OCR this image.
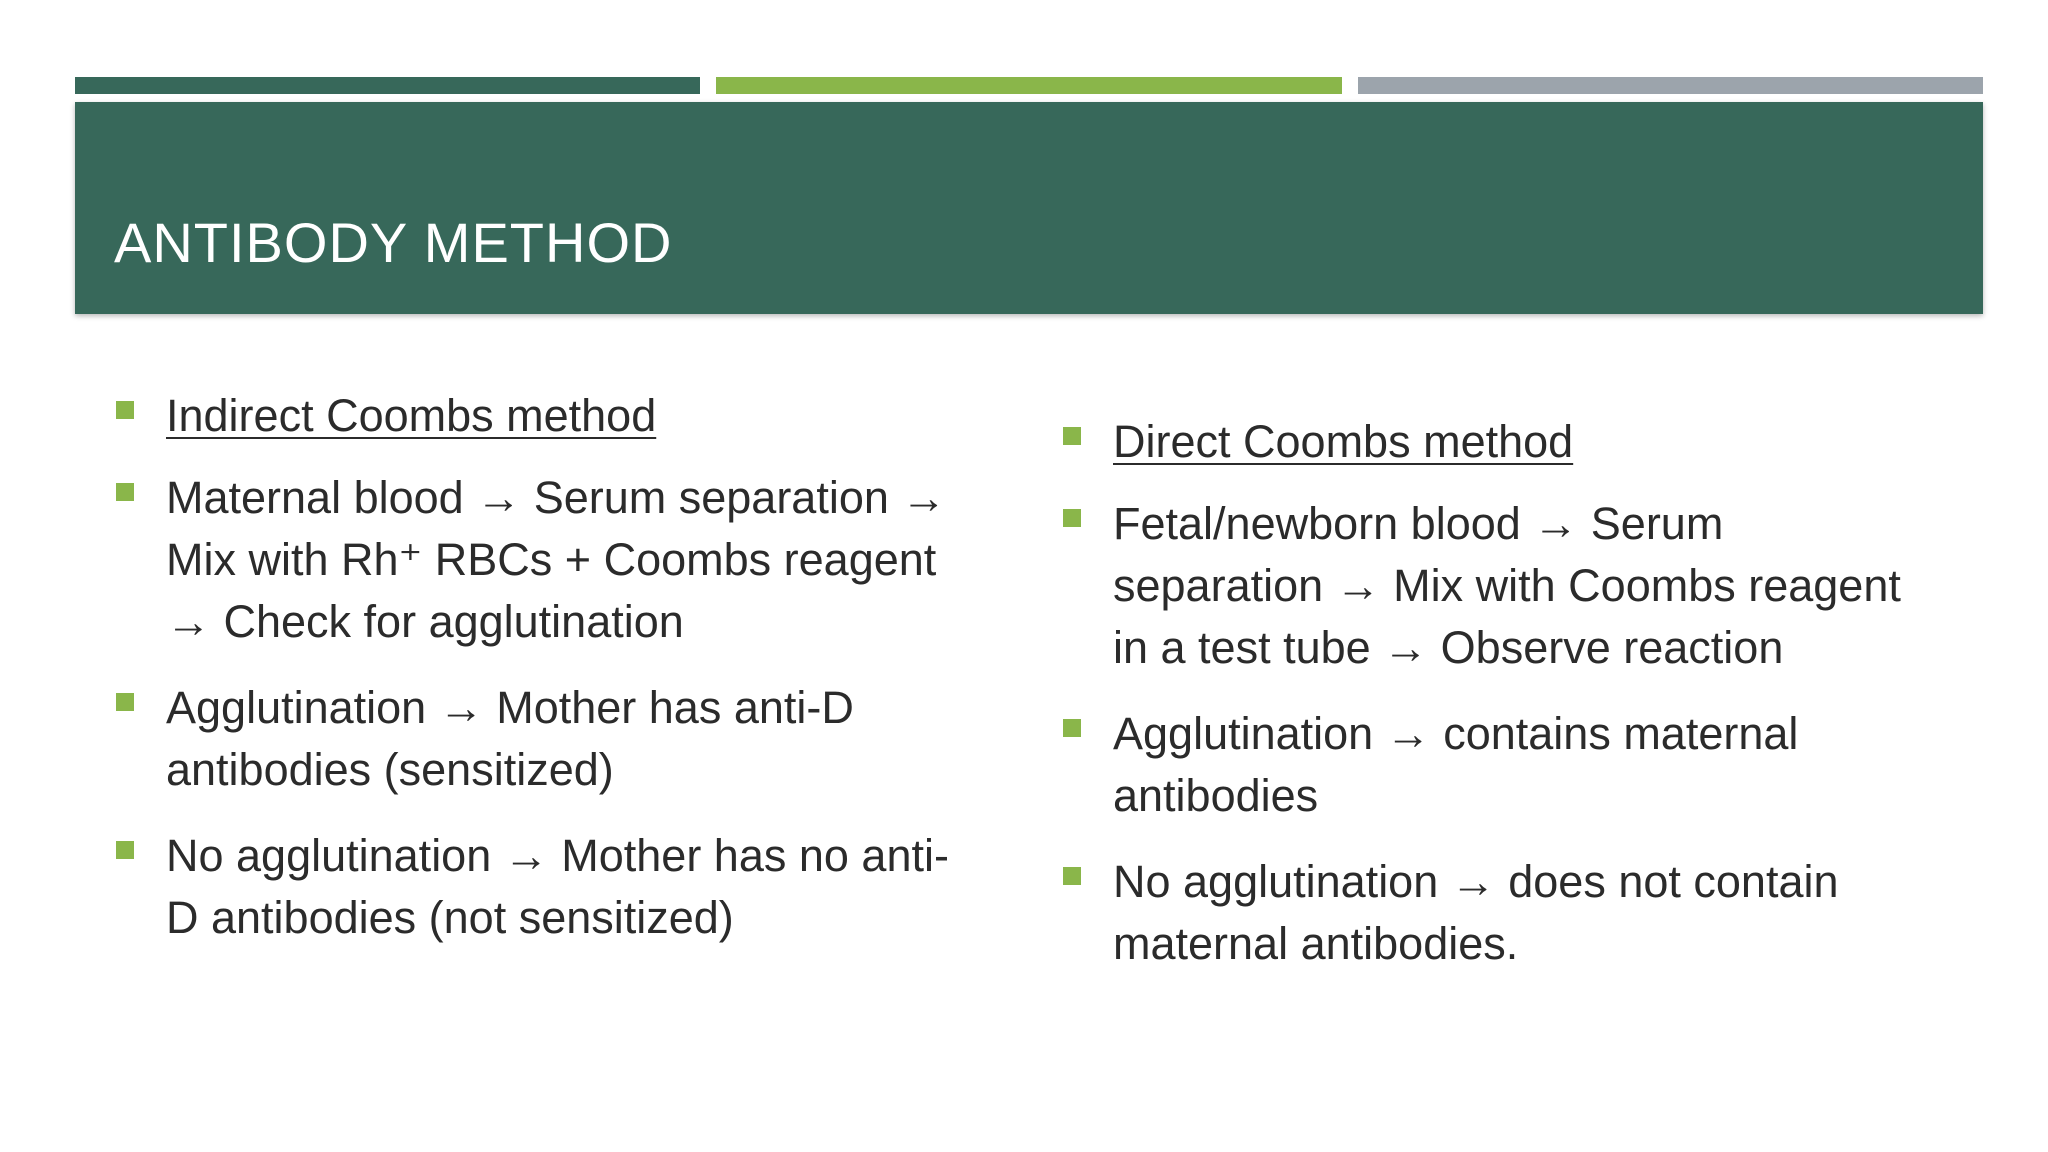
ANTIBODY METHOD
Indirect Coombs method
Maternal blood → Serum separation → Mix with Rh⁺ RBCs + Coombs reagent → Check for agglutination
Agglutination → Mother has anti-D antibodies (sensitized)
No agglutination → Mother has no anti-D antibodies (not sensitized)
Direct Coombs method
Fetal/newborn blood → Serum separation → Mix with Coombs reagent in a test tube → Observe reaction
Agglutination → contains maternal antibodies
No agglutination → does not contain maternal antibodies.
